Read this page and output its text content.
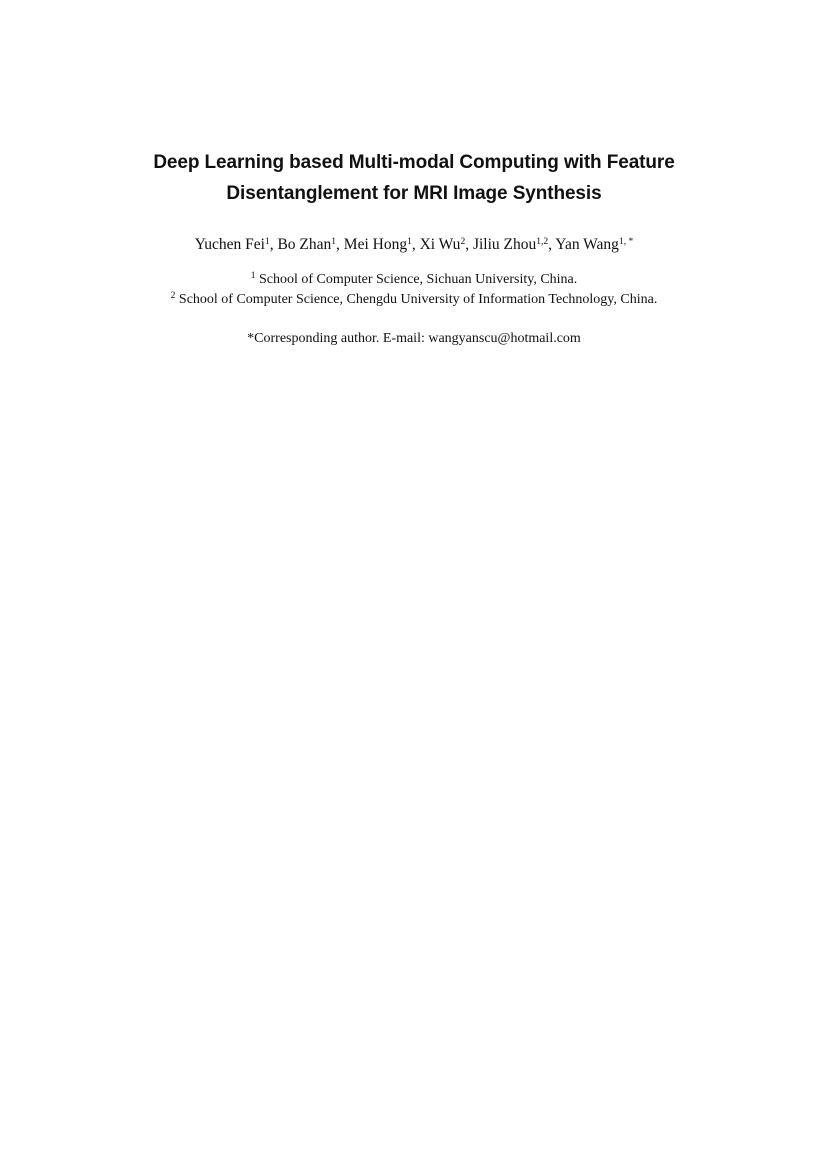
Deep Learning based Multi-modal Computing with Feature
Disentanglement for MRI Image Synthesis
Yuchen Fei$^1$, Bo Zhan$^1$, Mei Hong$^1$, Xi Wu$^2$, Jiliu Zhou$^{1,2}$, Yan Wang$^{1, *}$
$^1$ School of Computer Science, Sichuan University, China.
$^2$ School of Computer Science, Chengdu University of Information Technology, China.
*Corresponding author. E-mail: wangyanscu@hotmail.com
